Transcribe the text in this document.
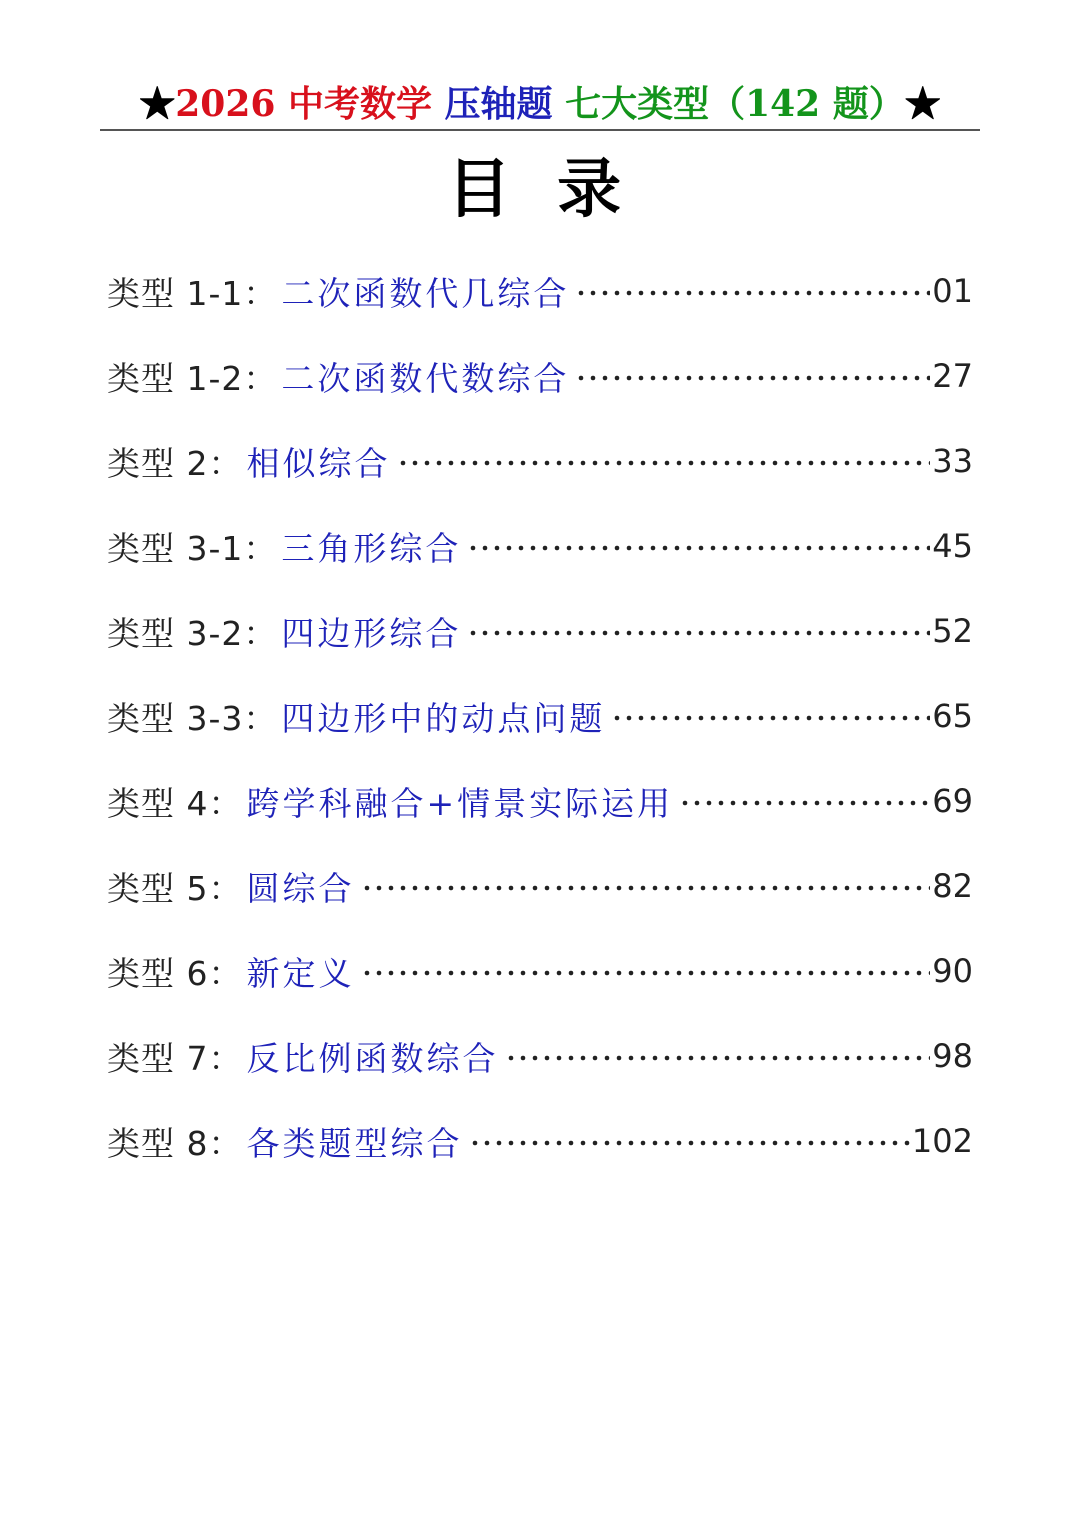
★2026 中考数学 压轴题 七大类型（142 题）★
目 录
类型 1-1： 二次函数代几综合	01
类型 1-2： 二次函数代数综合	27
类型 2： 相似综合	33
类型 3-1： 三角形综合	45
类型 3-2： 四边形综合	52
类型 3-3： 四边形中的动点问题	65
类型 4： 跨学科融合+情景实际运用	69
类型 5： 圆综合	82
类型 6： 新定义	90
类型 7： 反比例函数综合	98
类型 8： 各类题型综合	102
